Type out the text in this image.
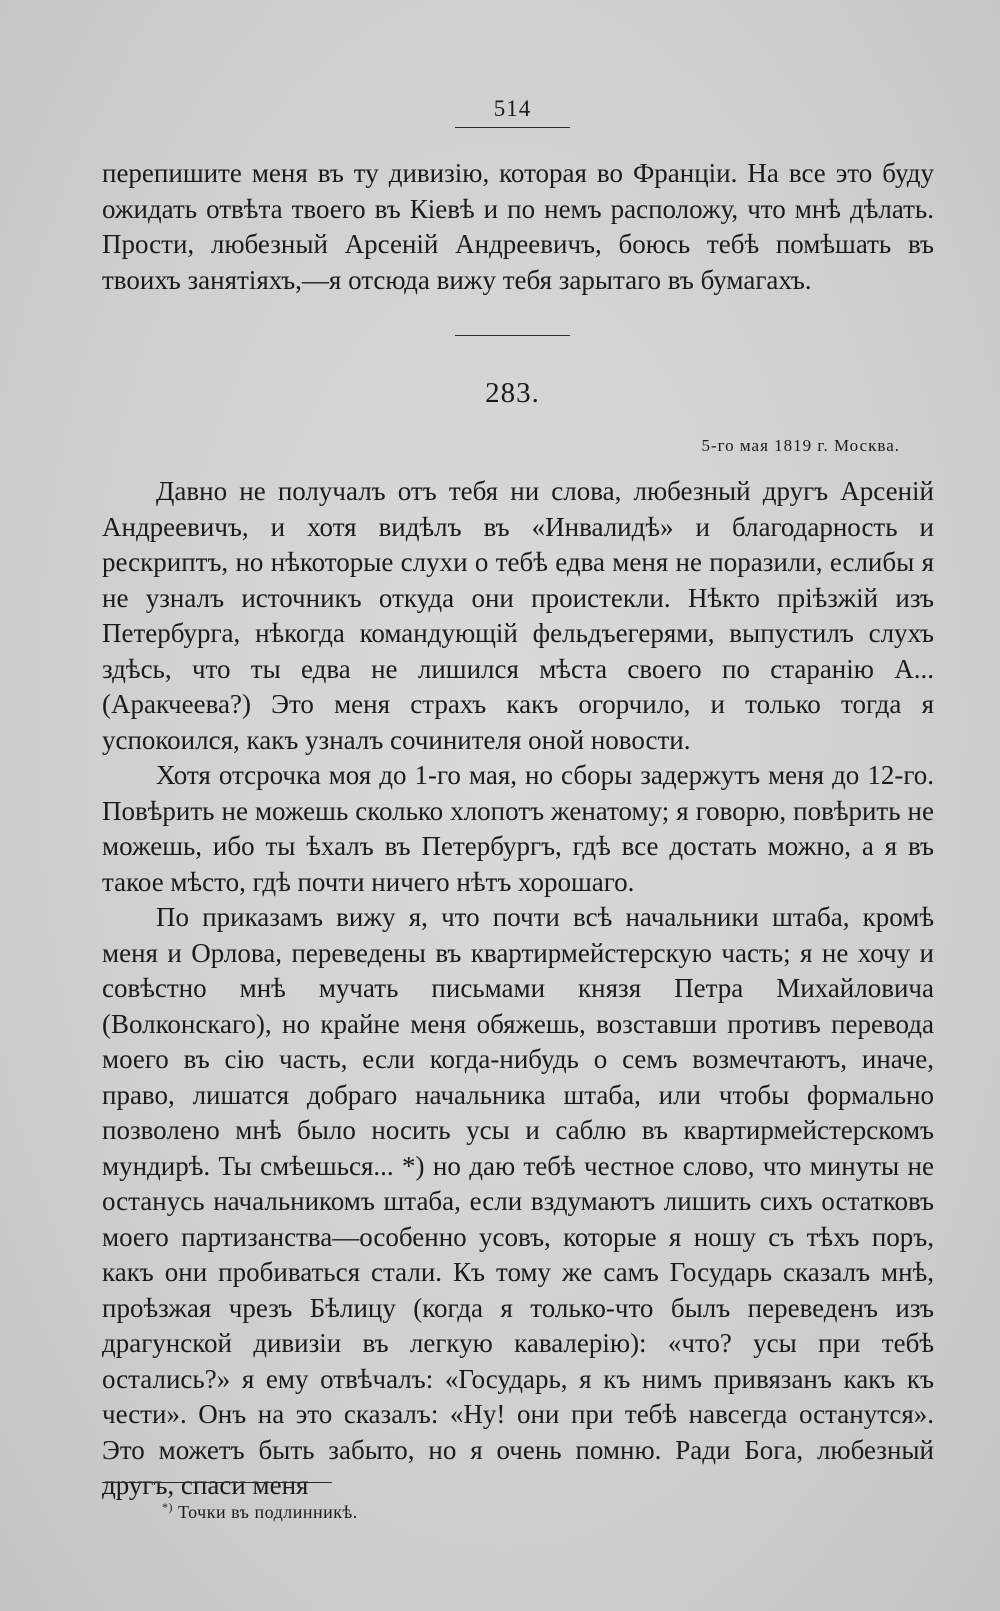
514

перепишите меня въ ту дивизію, которая во Франціи. На все это буду ожидать отвѣта твоего въ Кіевѣ и по немъ расположу, что мнѣ дѣлать. Прости, любезный Арсеній Андреевичъ, боюсь тебѣ помѣшать въ твоихъ занятіяхъ,—я отсюда вижу тебя зарытаго въ бумагахъ.

283.
5-го мая 1819 г. Москва.

Давно не получалъ отъ тебя ни слова, любезный другъ Арсеній Андреевичъ, и хотя видѣлъ въ «Инвалидѣ» и благодарность и рескриптъ, но нѣкоторые слухи о тебѣ едва меня не поразили, еслибы я не узналъ источникъ откуда они проистекли. Нѣкто пріѣзжій изъ Петербурга, нѣкогда командующій фельдъегерями, выпустилъ слухъ здѣсь, что ты едва не лишился мѣста своего по старанію А... (Аракчеева?) Это меня страхъ какъ огорчило, и только тогда я успокоился, какъ узналъ сочинителя оной новости.

Хотя отсрочка моя до 1-го мая, но сборы задержутъ меня до 12-го. Повѣрить не можешь сколько хлопотъ женатому; я говорю, повѣрить не можешь, ибо ты ѣхалъ въ Петербургъ, гдѣ все достать можно, а я въ такое мѣсто, гдѣ почти ничего нѣтъ хорошаго.

По приказамъ вижу я, что почти всѣ начальники штаба, кромѣ меня и Орлова, переведены въ квартирмейстерскую часть; я не хочу и совѣстно мнѣ мучать письмами князя Петра Михайловича (Волконскаго), но крайне меня обяжешь, возставши противъ перевода моего въ сію часть, если когда-нибудь о семъ возмечтаютъ, иначе, право, лишатся добраго начальника штаба, или чтобы формально позволено мнѣ было носить усы и саблю въ квартирмейстерскомъ мундирѣ. Ты смѣешься... *) но даю тебѣ честное слово, что минуты не останусь начальникомъ штаба, если вздумаютъ лишить сихъ остатковъ моего партизанства—особенно усовъ, которые я ношу съ тѣхъ поръ, какъ они пробиваться стали. Къ тому же самъ Государь сказалъ мнѣ, проѣзжая чрезъ Бѣлицу (когда я только-что былъ переведенъ изъ драгунской дивизіи въ легкую кавалерію): «что? усы при тебѣ остались?» я ему отвѣчалъ: «Государь, я къ нимъ привязанъ какъ къ чести». Онъ на это сказалъ: «Ну! они при тебѣ навсегда останутся». Это можетъ быть забыто, но я очень помню. Ради Бога, любезный другъ, спаси меня

*) Точки въ подлинникѣ.
